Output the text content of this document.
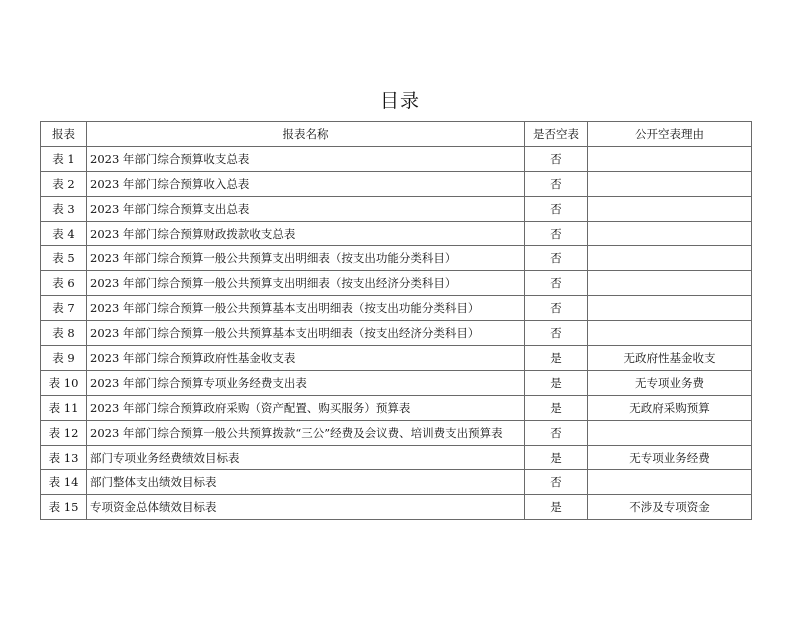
目录
报表	报表名称	是否空表	公开空表理由
表 1	2023 年部门综合预算收支总表	否	
表 2	2023 年部门综合预算收入总表	否	
表 3	2023 年部门综合预算支出总表	否	
表 4	2023 年部门综合预算财政拨款收支总表	否	
表 5	2023 年部门综合预算一般公共预算支出明细表（按支出功能分类科目）	否	
表 6	2023 年部门综合预算一般公共预算支出明细表（按支出经济分类科目）	否	
表 7	2023 年部门综合预算一般公共预算基本支出明细表（按支出功能分类科目）	否	
表 8	2023 年部门综合预算一般公共预算基本支出明细表（按支出经济分类科目）	否	
表 9	2023 年部门综合预算政府性基金收支表	是	无政府性基金收支
表 10	2023 年部门综合预算专项业务经费支出表	是	无专项业务费
表 11	2023 年部门综合预算政府采购（资产配置、购买服务）预算表	是	无政府采购预算
表 12	2023 年部门综合预算一般公共预算拨款“三公”经费及会议费、培训费支出预算表	否	
表 13	部门专项业务经费绩效目标表	是	无专项业务经费
表 14	部门整体支出绩效目标表	否	
表 15	专项资金总体绩效目标表	是	不涉及专项资金
